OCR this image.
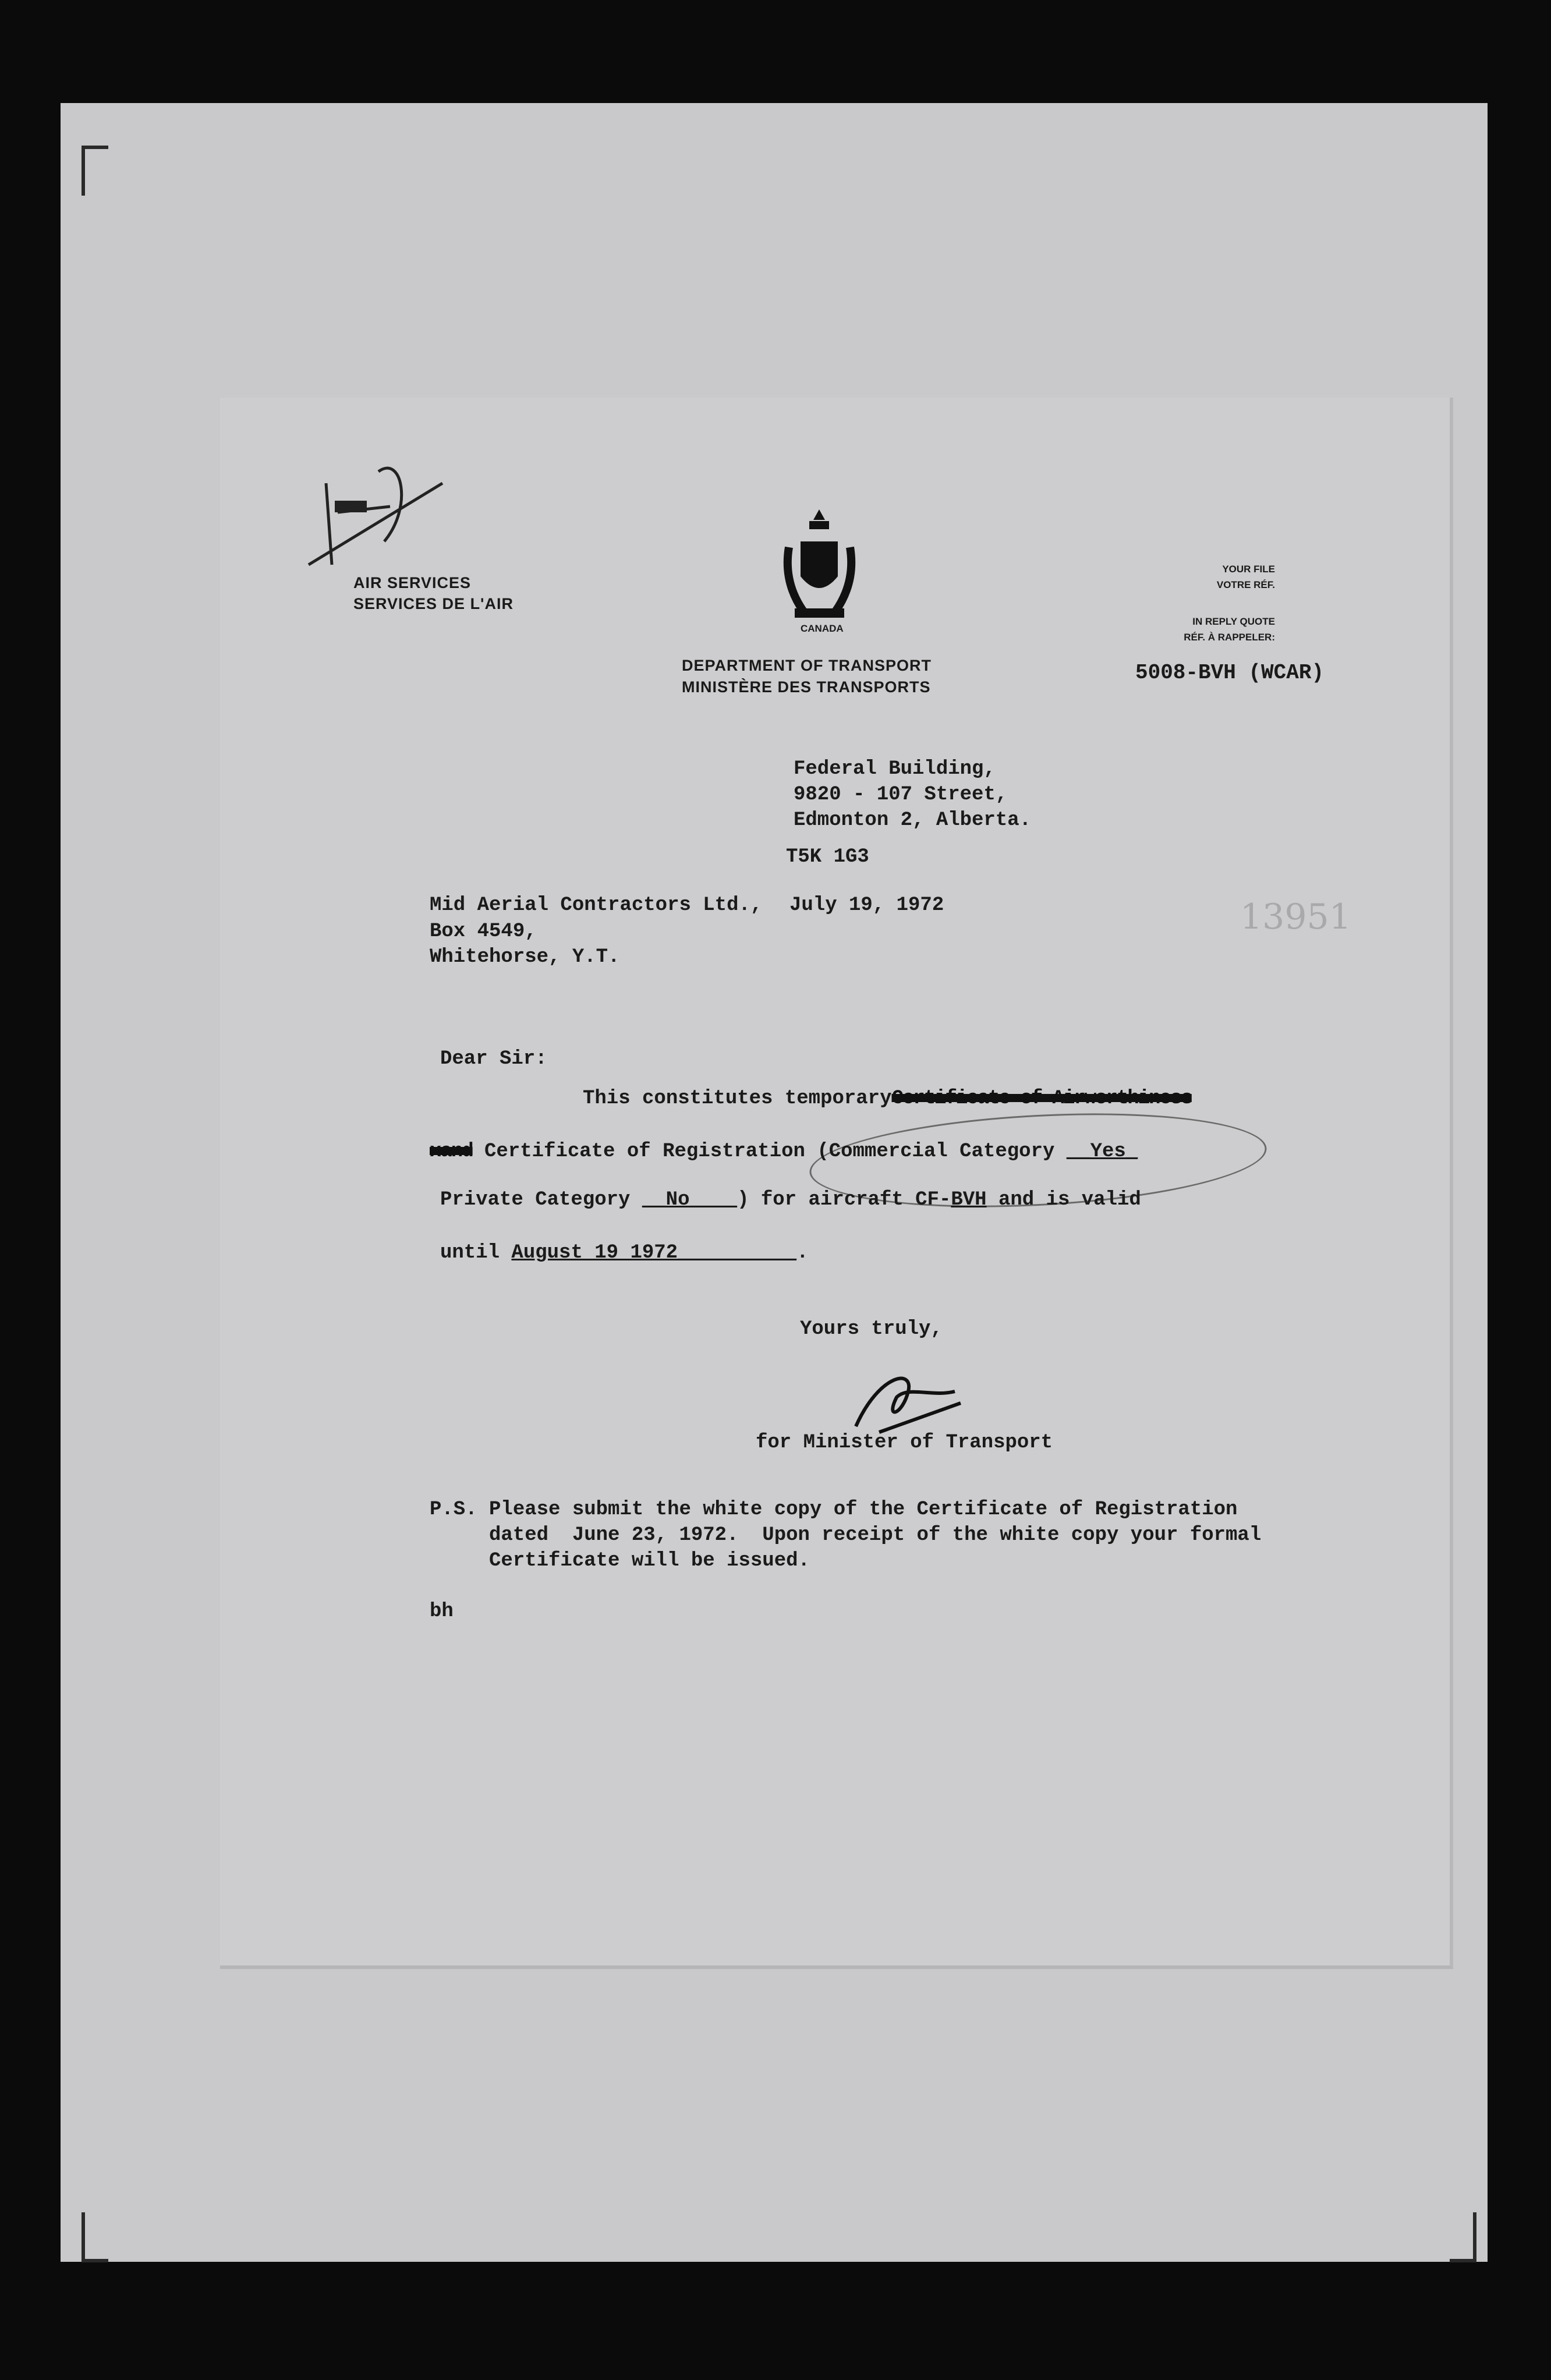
AIR SERVICES
SERVICES DE L'AIR
CANADA
DEPARTMENT OF TRANSPORT
MINISTÈRE DES TRANSPORTS
YOUR FILE
VOTRE RÉF.
IN REPLY QUOTE
RÉF. À RAPPELER:
5008-BVH (WCAR)
Federal Building,
9820 - 107 Street,
Edmonton 2, Alberta.
T5K 1G3
Mid Aerial Contractors Ltd., July 19, 1972
Box 4549,
Whitehorse, Y.T.
13951
Dear Sir:
This constitutes temporaryCertificate of Airworthiness
xand Certificate of Registration (Commercial Category __Yes_
Private Category __No____) for aircraft CF-BVH and is valid
until August 19 1972__________.
Yours truly,
for Minister of Transport
P.S. Please submit the white copy of the Certificate of Registration
dated  June 23, 1972.  Upon receipt of the white copy your formal
Certificate will be issued.
bh
